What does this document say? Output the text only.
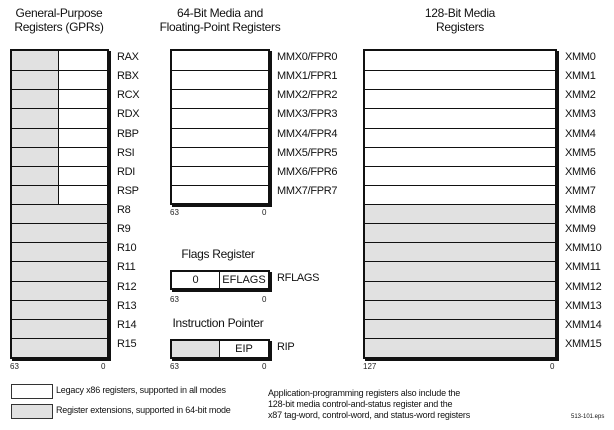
General-Purpose
Registers (GPRs)
RAX
RBX
RCX
RDX
RBP
RSI
RDI
RSP
R8
R9
R10
R11
R12
R13
R14
R15
63	0
64-Bit Media and
Floating-Point Registers
MMX0/FPR0
MMX1/FPR1
MMX2/FPR2
MMX3/FPR3
MMX4/FPR4
MMX5/FPR5
MMX6/FPR6
MMX7/FPR7
63	0
Flags Register
0	EFLAGS RFLAGS
63	0
Instruction Pointer
EIP	RIP
63	0
128-Bit Media
Registers
XMM0
XMM1
XMM2
XMM3
XMM4
XMM5
XMM6
XMM7
XMM8
XMM9
XMM10
XMM11
XMM12
XMM13
XMM14
XMM15
127	0
Legacy x86 registers, supported in all modes
Register extensions, supported in 64-bit mode
Application-programming registers also include the
128-bit media control-and-status register and the
x87 tag-word, control-word, and status-word registers	513-101.eps
